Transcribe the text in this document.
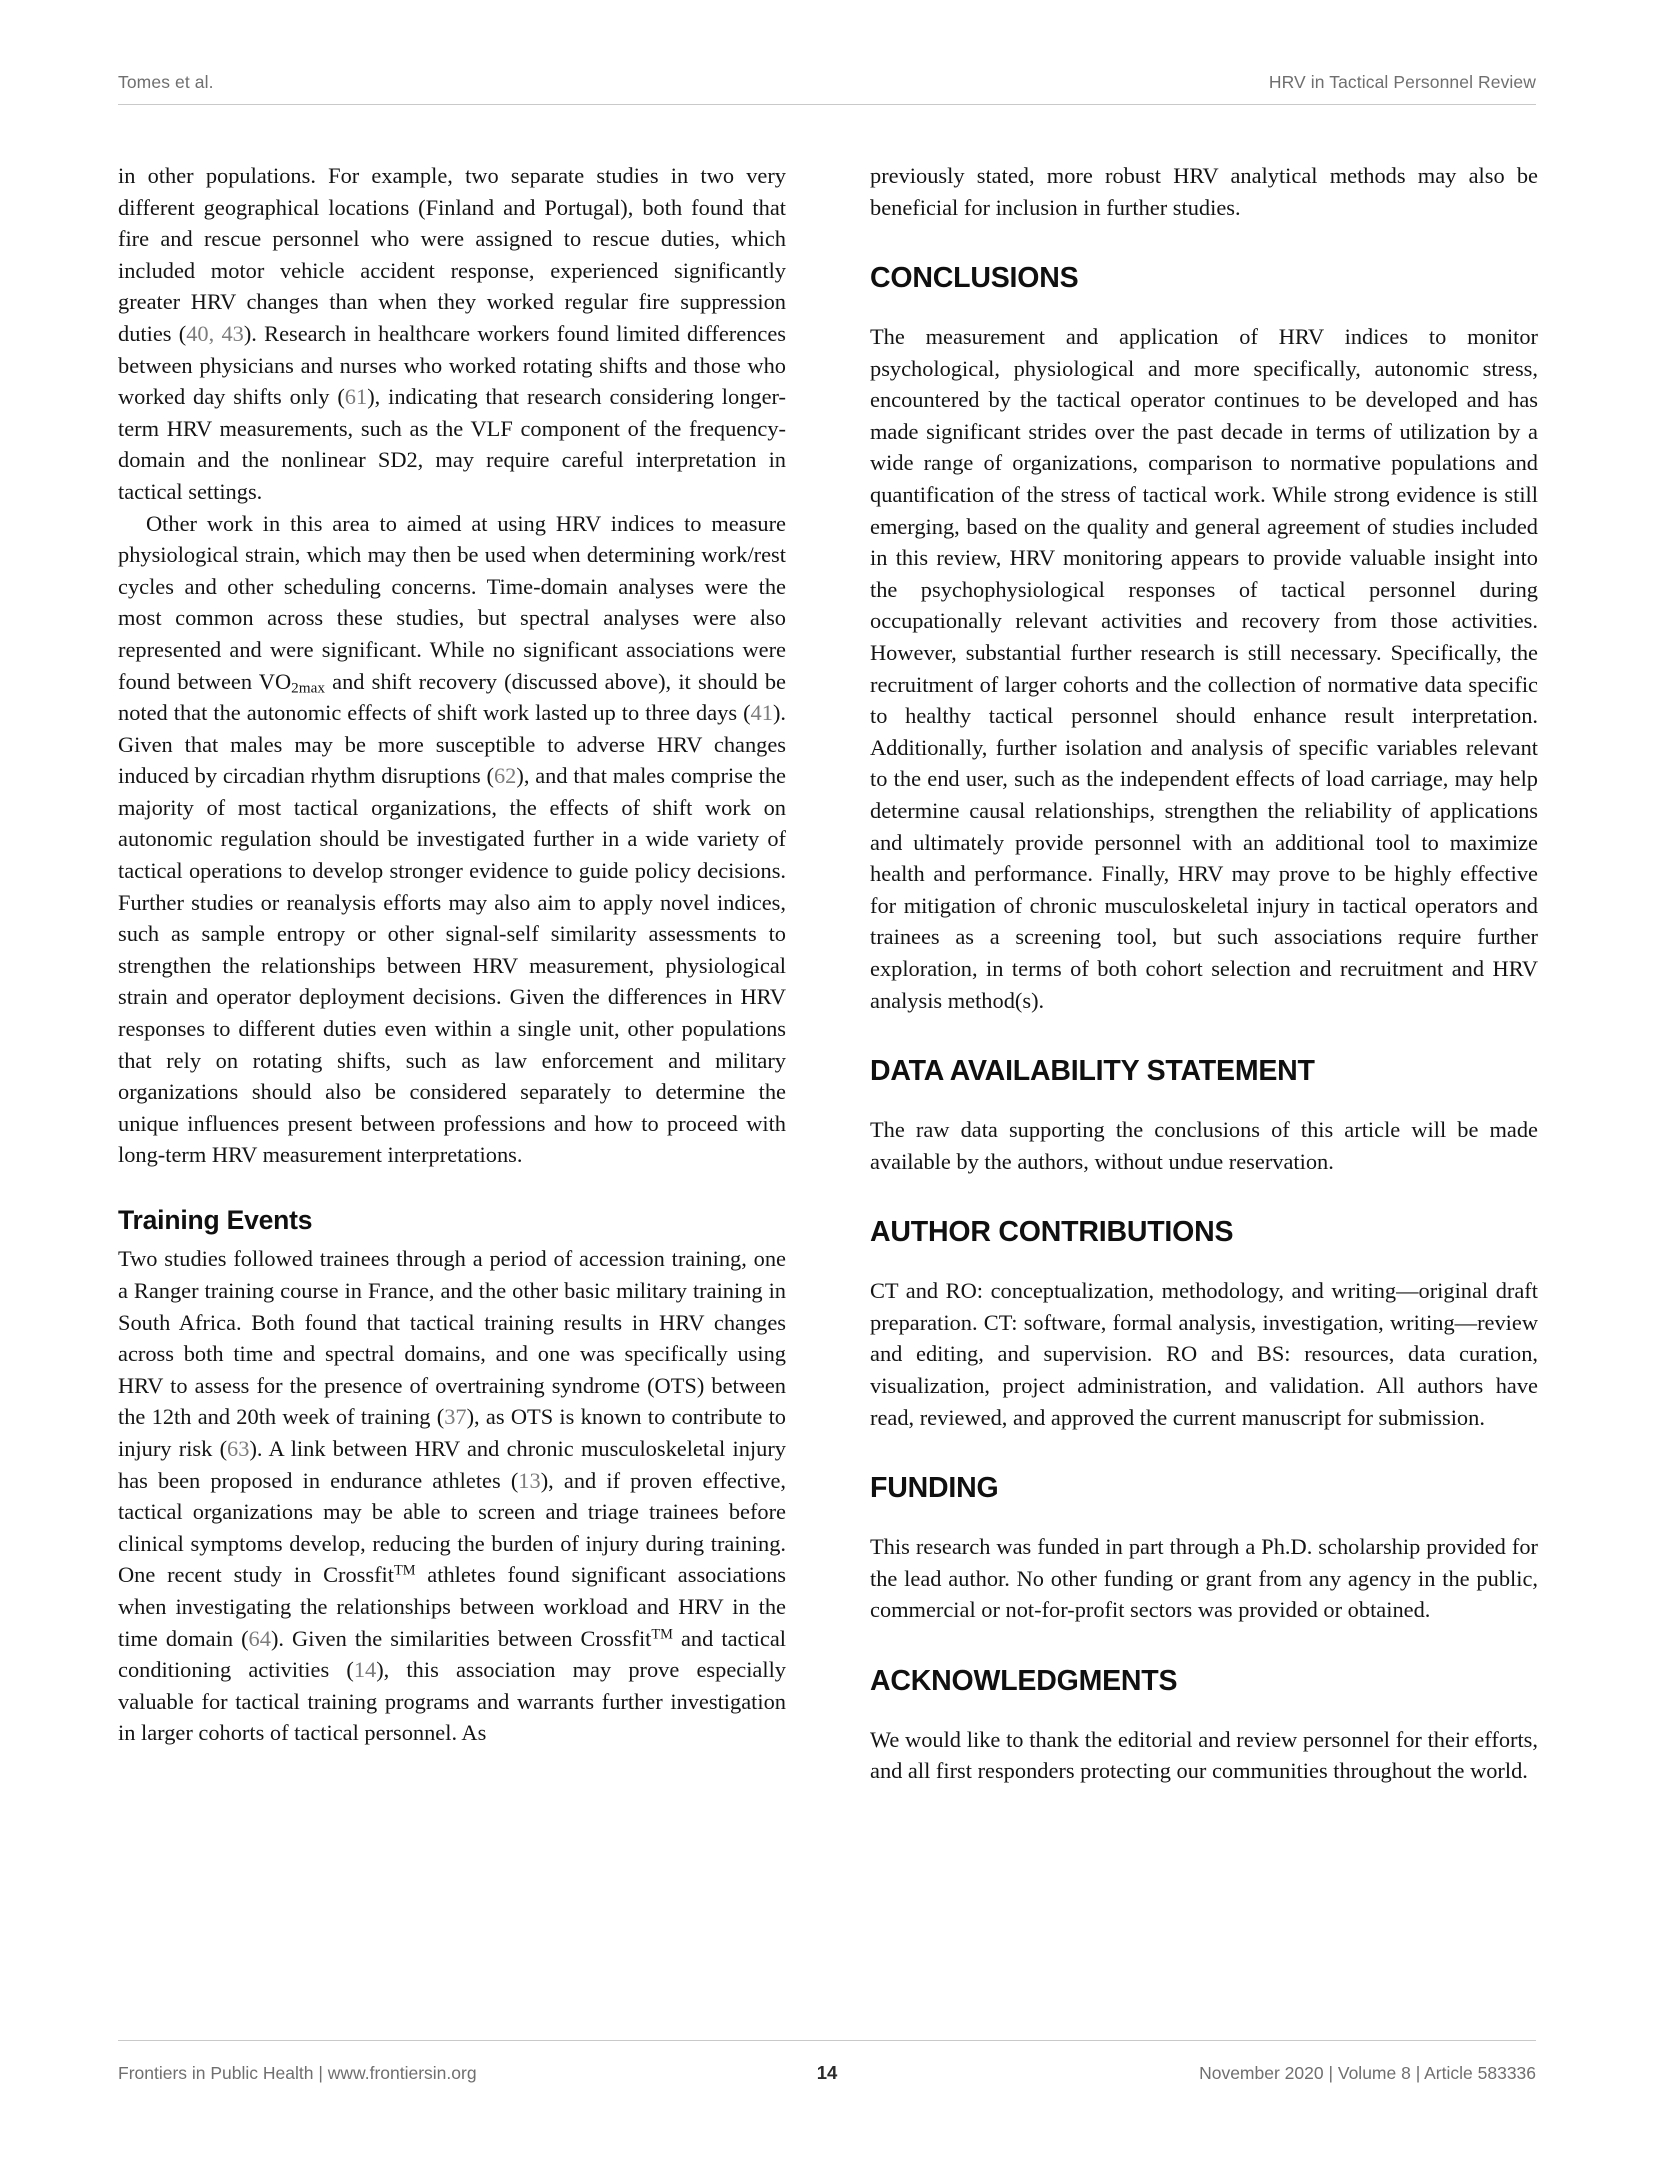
Tomes et al.	HRV in Tactical Personnel Review

in other populations. For example, two separate studies in two very different geographical locations (Finland and Portugal), both found that fire and rescue personnel who were assigned to rescue duties, which included motor vehicle accident response, experienced significantly greater HRV changes than when they worked regular fire suppression duties (40, 43). Research in healthcare workers found limited differences between physicians and nurses who worked rotating shifts and those who worked day shifts only (61), indicating that research considering longer-term HRV measurements, such as the VLF component of the frequency-domain and the nonlinear SD2, may require careful interpretation in tactical settings.

Other work in this area to aimed at using HRV indices to measure physiological strain, which may then be used when determining work/rest cycles and other scheduling concerns. Time-domain analyses were the most common across these studies, but spectral analyses were also represented and were significant. While no significant associations were found between $VO_{2max}$ and shift recovery (discussed above), it should be noted that the autonomic effects of shift work lasted up to three days (41). Given that males may be more susceptible to adverse HRV changes induced by circadian rhythm disruptions (62), and that males comprise the majority of most tactical organizations, the effects of shift work on autonomic regulation should be investigated further in a wide variety of tactical operations to develop stronger evidence to guide policy decisions. Further studies or reanalysis efforts may also aim to apply novel indices, such as sample entropy or other signal-self similarity assessments to strengthen the relationships between HRV measurement, physiological strain and operator deployment decisions. Given the differences in HRV responses to different duties even within a single unit, other populations that rely on rotating shifts, such as law enforcement and military organizations should also be considered separately to determine the unique influences present between professions and how to proceed with long-term HRV measurement interpretations.

Training Events

Two studies followed trainees through a period of accession training, one a Ranger training course in France, and the other basic military training in South Africa. Both found that tactical training results in HRV changes across both time and spectral domains, and one was specifically using HRV to assess for the presence of overtraining syndrome (OTS) between the 12th and 20th week of training (37), as OTS is known to contribute to injury risk (63). A link between HRV and chronic musculoskeletal injury has been proposed in endurance athletes (13), and if proven effective, tactical organizations may be able to screen and triage trainees before clinical symptoms develop, reducing the burden of injury during training. One recent study in Crossfit™ athletes found significant associations when investigating the relationships between workload and HRV in the time domain (64). Given the similarities between Crossfit™ and tactical conditioning activities (14), this association may prove especially valuable for tactical training programs and warrants further investigation in larger cohorts of tactical personnel. As

previously stated, more robust HRV analytical methods may also be beneficial for inclusion in further studies.

CONCLUSIONS

The measurement and application of HRV indices to monitor psychological, physiological and more specifically, autonomic stress, encountered by the tactical operator continues to be developed and has made significant strides over the past decade in terms of utilization by a wide range of organizations, comparison to normative populations and quantification of the stress of tactical work. While strong evidence is still emerging, based on the quality and general agreement of studies included in this review, HRV monitoring appears to provide valuable insight into the psychophysiological responses of tactical personnel during occupationally relevant activities and recovery from those activities. However, substantial further research is still necessary. Specifically, the recruitment of larger cohorts and the collection of normative data specific to healthy tactical personnel should enhance result interpretation. Additionally, further isolation and analysis of specific variables relevant to the end user, such as the independent effects of load carriage, may help determine causal relationships, strengthen the reliability of applications and ultimately provide personnel with an additional tool to maximize health and performance. Finally, HRV may prove to be highly effective for mitigation of chronic musculoskeletal injury in tactical operators and trainees as a screening tool, but such associations require further exploration, in terms of both cohort selection and recruitment and HRV analysis method(s).

DATA AVAILABILITY STATEMENT

The raw data supporting the conclusions of this article will be made available by the authors, without undue reservation.

AUTHOR CONTRIBUTIONS

CT and RO: conceptualization, methodology, and writing—original draft preparation. CT: software, formal analysis, investigation, writing—review and editing, and supervision. RO and BS: resources, data curation, visualization, project administration, and validation. All authors have read, reviewed, and approved the current manuscript for submission.

FUNDING

This research was funded in part through a Ph.D. scholarship provided for the lead author. No other funding or grant from any agency in the public, commercial or not-for-profit sectors was provided or obtained.

ACKNOWLEDGMENTS

We would like to thank the editorial and review personnel for their efforts, and all first responders protecting our communities throughout the world.

Frontiers in Public Health | www.frontiersin.org	14	November 2020 | Volume 8 | Article 583336
